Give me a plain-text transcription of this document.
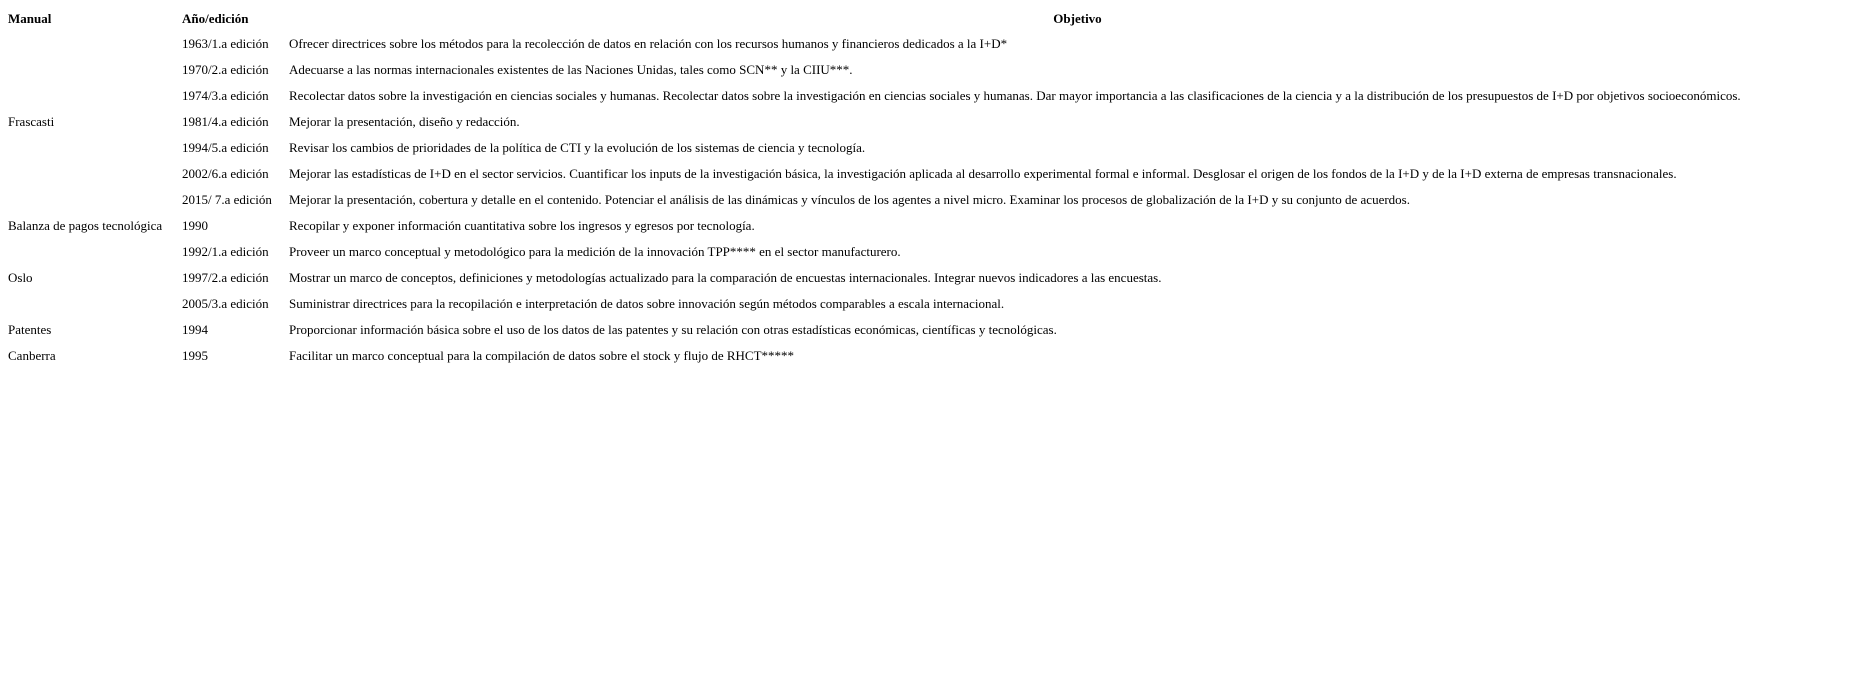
Manual	Año/edición	Objetivo
	1963/1.a edición	Ofrecer directrices sobre los métodos para la recolección de datos en relación con los recursos humanos y financieros dedicados a la I+D*
	1970/2.a edición	Adecuarse a las normas internacionales existentes de las Naciones Unidas, tales como SCN** y la CIIU***.
	1974/3.a edición	Recolectar datos sobre la investigación en ciencias sociales y humanas. Recolectar datos sobre la investigación en ciencias sociales y humanas. Dar mayor importancia a las clasificaciones de la ciencia y a la distribución de los presupuestos de I+D por objetivos socioeconómicos.
Frascasti	1981/4.a edición	Mejorar la presentación, diseño y redacción.
	1994/5.a edición	Revisar los cambios de prioridades de la política de CTI y la evolución de los sistemas de ciencia y tecnología.
	2002/6.a edición	Mejorar las estadísticas de I+D en el sector servicios. Cuantificar los inputs de la investigación básica, la investigación aplicada al desarrollo experimental formal e informal. Desglosar el origen de los fondos de la I+D y de la I+D externa de empresas transnacionales.
	2015/ 7.a edición	Mejorar la presentación, cobertura y detalle en el contenido. Potenciar el análisis de las dinámicas y vínculos de los agentes a nivel micro. Examinar los procesos de globalización de la I+D y su conjunto de acuerdos.
Balanza de pagos tecnológica	1990	Recopilar y exponer información cuantitativa sobre los ingresos y egresos por tecnología.
	1992/1.a edición	Proveer un marco conceptual y metodológico para la medición de la innovación TPP**** en el sector manufacturero.
Oslo	1997/2.a edición	Mostrar un marco de conceptos, definiciones y metodologías actualizado para la comparación de encuestas internacionales. Integrar nuevos indicadores a las encuestas.
	2005/3.a edición	Suministrar directrices para la recopilación e interpretación de datos sobre innovación según métodos comparables a escala internacional.
Patentes	1994	Proporcionar información básica sobre el uso de los datos de las patentes y su relación con otras estadísticas económicas, científicas y tecnológicas.
Canberra	1995	Facilitar un marco conceptual para la compilación de datos sobre el stock y flujo de RHCT*****
